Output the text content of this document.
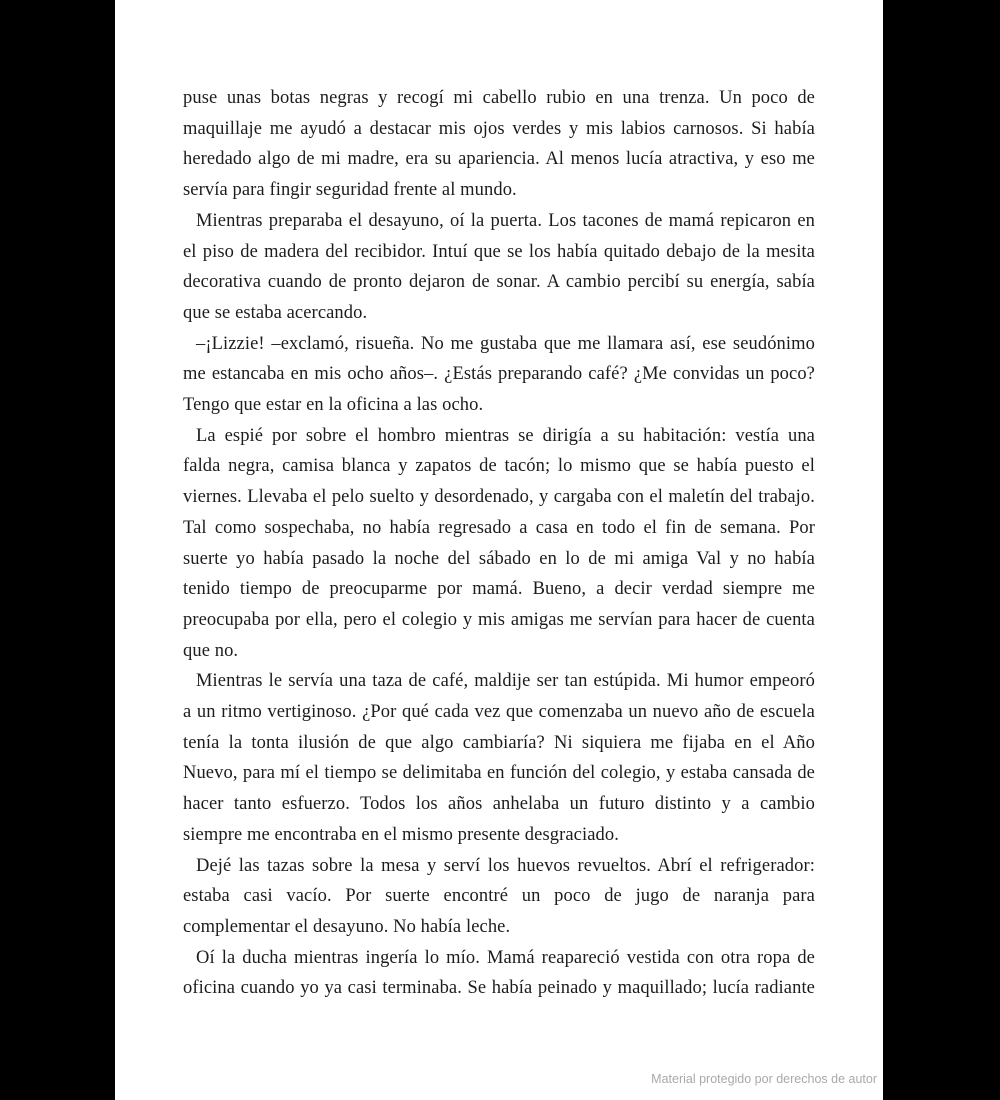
puse unas botas negras y recogí mi cabello rubio en una trenza. Un poco de
maquillaje me ayudó a destacar mis ojos verdes y mis labios carnosos. Si había
heredado algo de mi madre, era su apariencia. Al menos lucía atractiva, y eso me
servía para fingir seguridad frente al mundo.
Mientras preparaba el desayuno, oí la puerta. Los tacones de mamá repicaron en
el piso de madera del recibidor. Intuí que se los había quitado debajo de la mesita
decorativa cuando de pronto dejaron de sonar. A cambio percibí su energía, sabía
que se estaba acercando.
–¡Lizzie! –exclamó, risueña. No me gustaba que me llamara así, ese seudónimo
me estancaba en mis ocho años–. ¿Estás preparando café? ¿Me convidas un poco?
Tengo que estar en la oficina a las ocho.
La espié por sobre el hombro mientras se dirigía a su habitación: vestía una
falda negra, camisa blanca y zapatos de tacón; lo mismo que se había puesto el
viernes. Llevaba el pelo suelto y desordenado, y cargaba con el maletín del trabajo.
Tal como sospechaba, no había regresado a casa en todo el fin de semana. Por
suerte yo había pasado la noche del sábado en lo de mi amiga Val y no había
tenido tiempo de preocuparme por mamá. Bueno, a decir verdad siempre me
preocupaba por ella, pero el colegio y mis amigas me servían para hacer de cuenta
que no.
Mientras le servía una taza de café, maldije ser tan estúpida. Mi humor empeoró
a un ritmo vertiginoso. ¿Por qué cada vez que comenzaba un nuevo año de escuela
tenía la tonta ilusión de que algo cambiaría? Ni siquiera me fijaba en el Año
Nuevo, para mí el tiempo se delimitaba en función del colegio, y estaba cansada de
hacer tanto esfuerzo. Todos los años anhelaba un futuro distinto y a cambio
siempre me encontraba en el mismo presente desgraciado.
Dejé las tazas sobre la mesa y serví los huevos revueltos. Abrí el refrigerador:
estaba casi vacío. Por suerte encontré un poco de jugo de naranja para
complementar el desayuno. No había leche.
Oí la ducha mientras ingería lo mío. Mamá reapareció vestida con otra ropa de
oficina cuando yo ya casi terminaba. Se había peinado y maquillado; lucía radiante
Material protegido por derechos de autor
